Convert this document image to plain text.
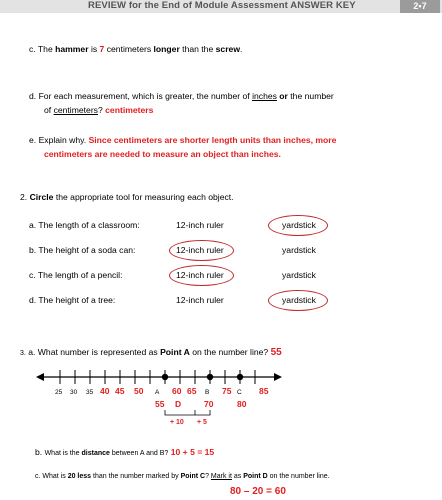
REVIEW for the End of Module Assessment ANSWER KEY	2•7
c. The hammer is 7 centimeters longer than the screw.
d. For each measurement, which is greater, the number of inches or the number
of centimeters? centimeters
e. Explain why. Since centimeters are shorter length units than inches, more
centimeters are needed to measure an object than inches.
2. Circle the appropriate tool for measuring each object.
a. The length of a classroom:	12-inch ruler	yardstick
b. The height of a soda can:	12-inch ruler	yardstick
c. The length of a pencil:	12-inch ruler	yardstick
d. The height of a tree:	12-inch ruler	yardstick
3. a. What number is represented as Point A on the number line? 55
25 30 35 40 45 50 A 60 65 B 75 C 85
55 D	70	80
+ 10 + 5
b. What is the distance between A and B? 10 + 5 = 15
c. What is 20 less than the number marked by Point C? Mark it as Point D on the number line.
80 – 20 = 60
